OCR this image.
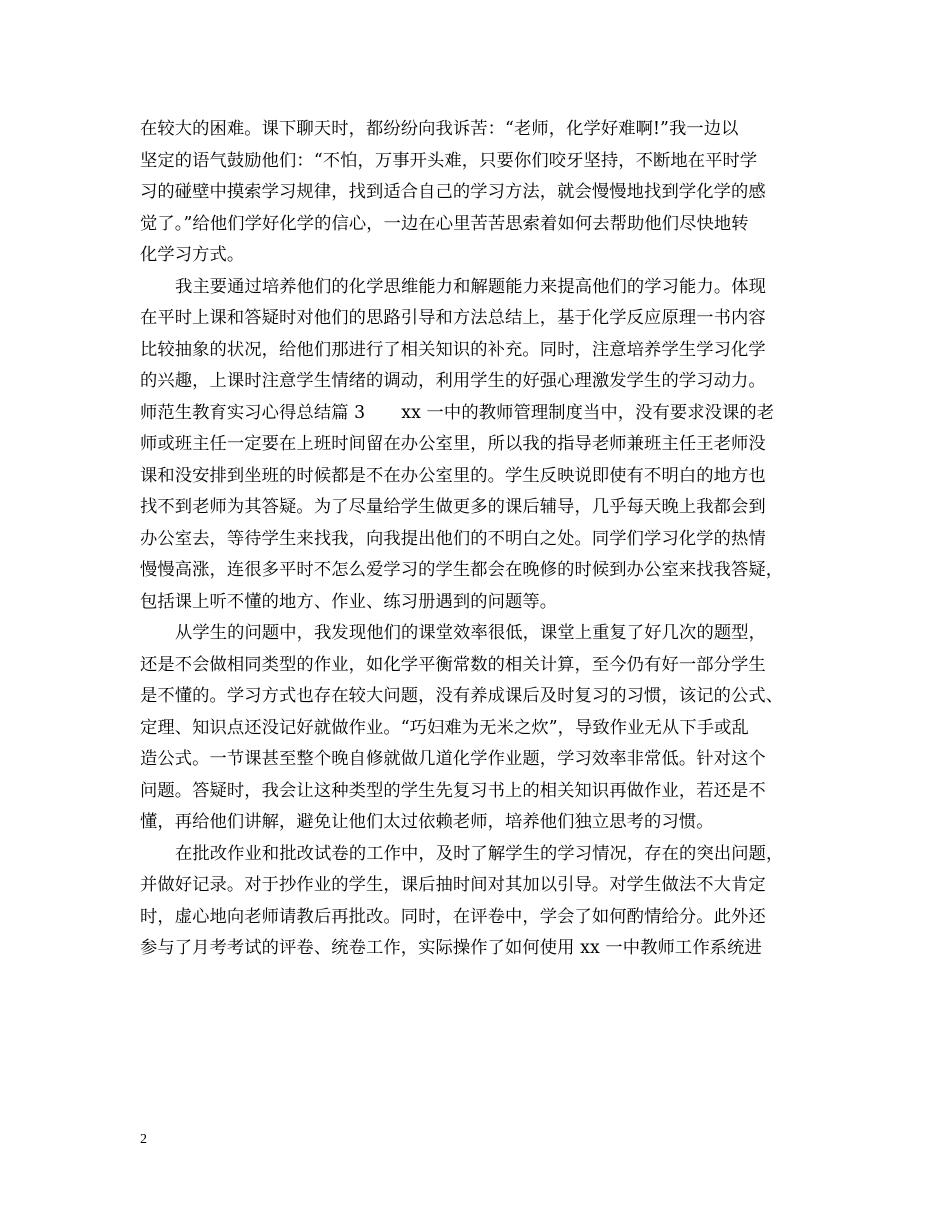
在较大的困难。课下聊天时，都纷纷向我诉苦：“老师，化学好难啊!”我一边以
坚定的语气鼓励他们：“不怕，万事开头难，只要你们咬牙坚持，不断地在平时学
习的碰壁中摸索学习规律，找到适合自己的学习方法，就会慢慢地找到学化学的感
觉了。”给他们学好化学的信心，一边在心里苦苦思索着如何去帮助他们尽快地转
化学习方式。
我主要通过培养他们的化学思维能力和解题能力来提高他们的学习能力。体现
在平时上课和答疑时对他们的思路引导和方法总结上，基于化学反应原理一书内容
比较抽象的状况，给他们那进行了相关知识的补充。同时，注意培养学生学习化学
的兴趣，上课时注意学生情绪的调动，利用学生的好强心理激发学生的学习动力。
师范生教育实习心得总结篇 3 xx 一中的教师管理制度当中，没有要求没课的老
师或班主任一定要在上班时间留在办公室里，所以我的指导老师兼班主任王老师没
课和没安排到坐班的时候都是不在办公室里的。学生反映说即使有不明白的地方也
找不到老师为其答疑。为了尽量给学生做更多的课后辅导，几乎每天晚上我都会到
办公室去，等待学生来找我，向我提出他们的不明白之处。同学们学习化学的热情
慢慢高涨，连很多平时不怎么爱学习的学生都会在晚修的时候到办公室来找我答疑，
包括课上听不懂的地方、作业、练习册遇到的问题等。
从学生的问题中，我发现他们的课堂效率很低，课堂上重复了好几次的题型，
还是不会做相同类型的作业，如化学平衡常数的相关计算，至今仍有好一部分学生
是不懂的。学习方式也存在较大问题，没有养成课后及时复习的习惯，该记的公式、
定理、知识点还没记好就做作业。“巧妇难为无米之炊”，导致作业无从下手或乱
造公式。一节课甚至整个晚自修就做几道化学作业题，学习效率非常低。针对这个
问题。答疑时，我会让这种类型的学生先复习书上的相关知识再做作业，若还是不
懂，再给他们讲解，避免让他们太过依赖老师，培养他们独立思考的习惯。
在批改作业和批改试卷的工作中，及时了解学生的学习情况，存在的突出问题，
并做好记录。对于抄作业的学生，课后抽时间对其加以引导。对学生做法不大肯定
时，虚心地向老师请教后再批改。同时，在评卷中，学会了如何酌情给分。此外还
参与了月考考试的评卷、统卷工作，实际操作了如何使用 xx 一中教师工作系统进
2
